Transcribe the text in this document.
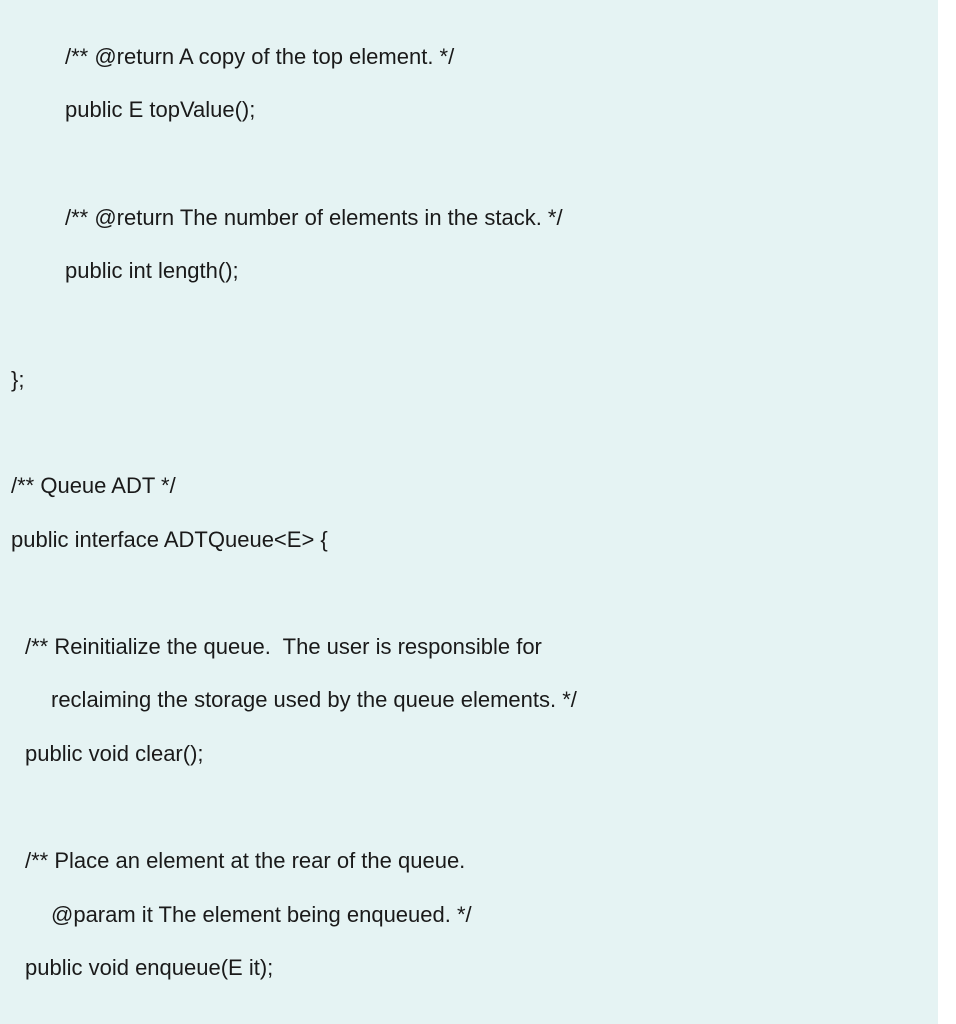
/** @return A copy of the top element. */
public E topValue();
/** @return The number of elements in the stack. */
public int length();
};
/** Queue ADT */
public interface ADTQueue<E> {
/** Reinitialize the queue.  The user is responsible for
reclaiming the storage used by the queue elements. */
public void clear();
/** Place an element at the rear of the queue.
@param it The element being enqueued. */
public void enqueue(E it);
